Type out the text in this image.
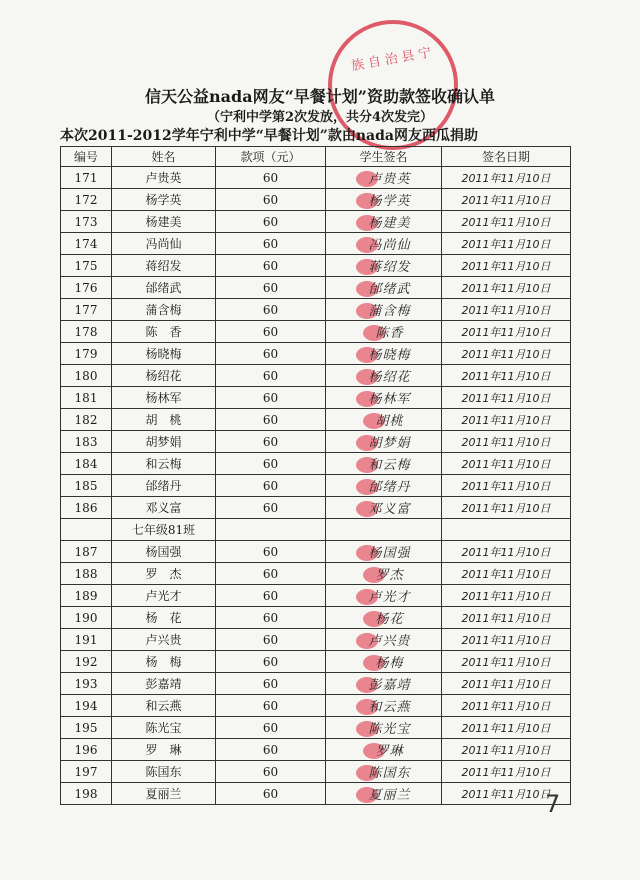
族自治县宁
信天公益nada网友“早餐计划”资助款签收确认单
（宁利中学第2次发放，共分4次发完）
本次2011-2012学年宁利中学“早餐计划”款由nada网友西瓜捐助
编号	姓名	款项（元）	学生签名	签名日期
171	卢贵英	60	卢贵英	2011年11月10日
172	杨学英	60	杨学英	2011年11月10日
173	杨建美	60	杨建美	2011年11月10日
174	冯尚仙	60	冯尚仙	2011年11月10日
175	蒋绍发	60	蒋绍发	2011年11月10日
176	邰绪武	60	邰绪武	2011年11月10日
177	蒲含梅	60	蒲含梅	2011年11月10日
178	陈　香	60	陈香	2011年11月10日
179	杨晓梅	60	杨晓梅	2011年11月10日
180	杨绍花	60	杨绍花	2011年11月10日
181	杨林军	60	杨林军	2011年11月10日
182	胡　桃	60	胡桃	2011年11月10日
183	胡梦娟	60	胡梦娟	2011年11月10日
184	和云梅	60	和云梅	2011年11月10日
185	邰绪丹	60	邰绪丹	2011年11月10日
186	邓义富	60	邓义富	2011年11月10日
	七年级81班			
187	杨国强	60	杨国强	2011年11月10日
188	罗　杰	60	罗杰	2011年11月10日
189	卢光才	60	卢光才	2011年11月10日
190	杨　花	60	杨花	2011年11月10日
191	卢兴贵	60	卢兴贵	2011年11月10日
192	杨　梅	60	杨梅	2011年11月10日
193	彭嘉靖	60	彭嘉靖	2011年11月10日
194	和云燕	60	和云燕	2011年11月10日
195	陈光宝	60	陈光宝	2011年11月10日
196	罗　琳	60	罗琳	2011年11月10日
197	陈国东	60	陈国东	2011年11月10日
198	夏丽兰	60	夏丽兰	2011年11月10日
7
